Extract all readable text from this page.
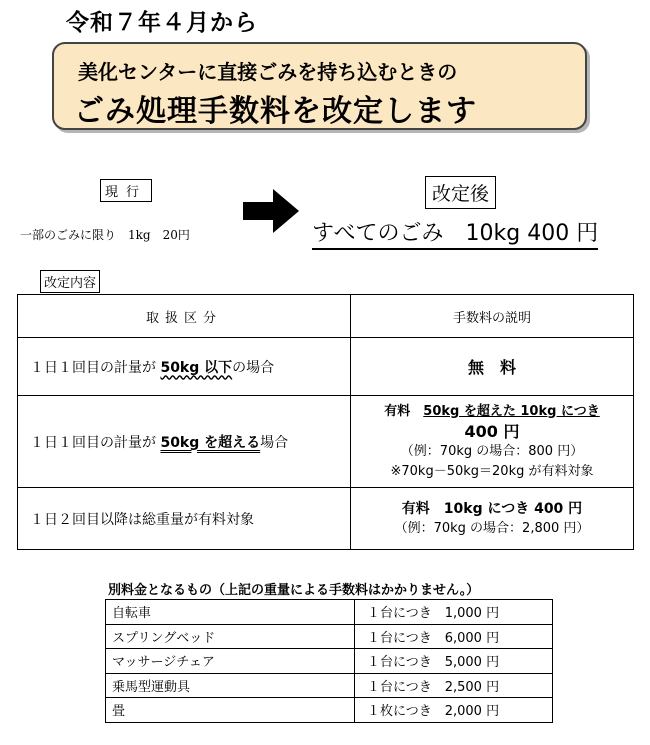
令和７年４月から
美化センターに直接ごみを持ち込むときの
ごみ処理手数料を改定します
現行
一部のごみに限り　1kg　20円
改定後
すべてのごみ　10kg 400 円
改定内容
取扱区分	手数料の説明
１日１回目の計量が 50kg 以下の場合	無　料
１日１回目の計量が 50kg を超える場合	有料　50kg を超えた 10kg につき
400 円
（例：70kg の場合：800 円）
※70kg－50kg＝20kg が有料対象

１日２回目以降は総重量が有料対象	有料　10kg につき 400 円
（例：70kg の場合：2,800 円）
別料金となるもの（上記の重量による手数料はかかりません。）
自転車	１台につき　1,000 円
スプリングベッド	１台につき　6,000 円
マッサージチェア	１台につき　5,000 円
乗馬型運動具	１台につき　2,500 円
畳	１枚につき　2,000 円
